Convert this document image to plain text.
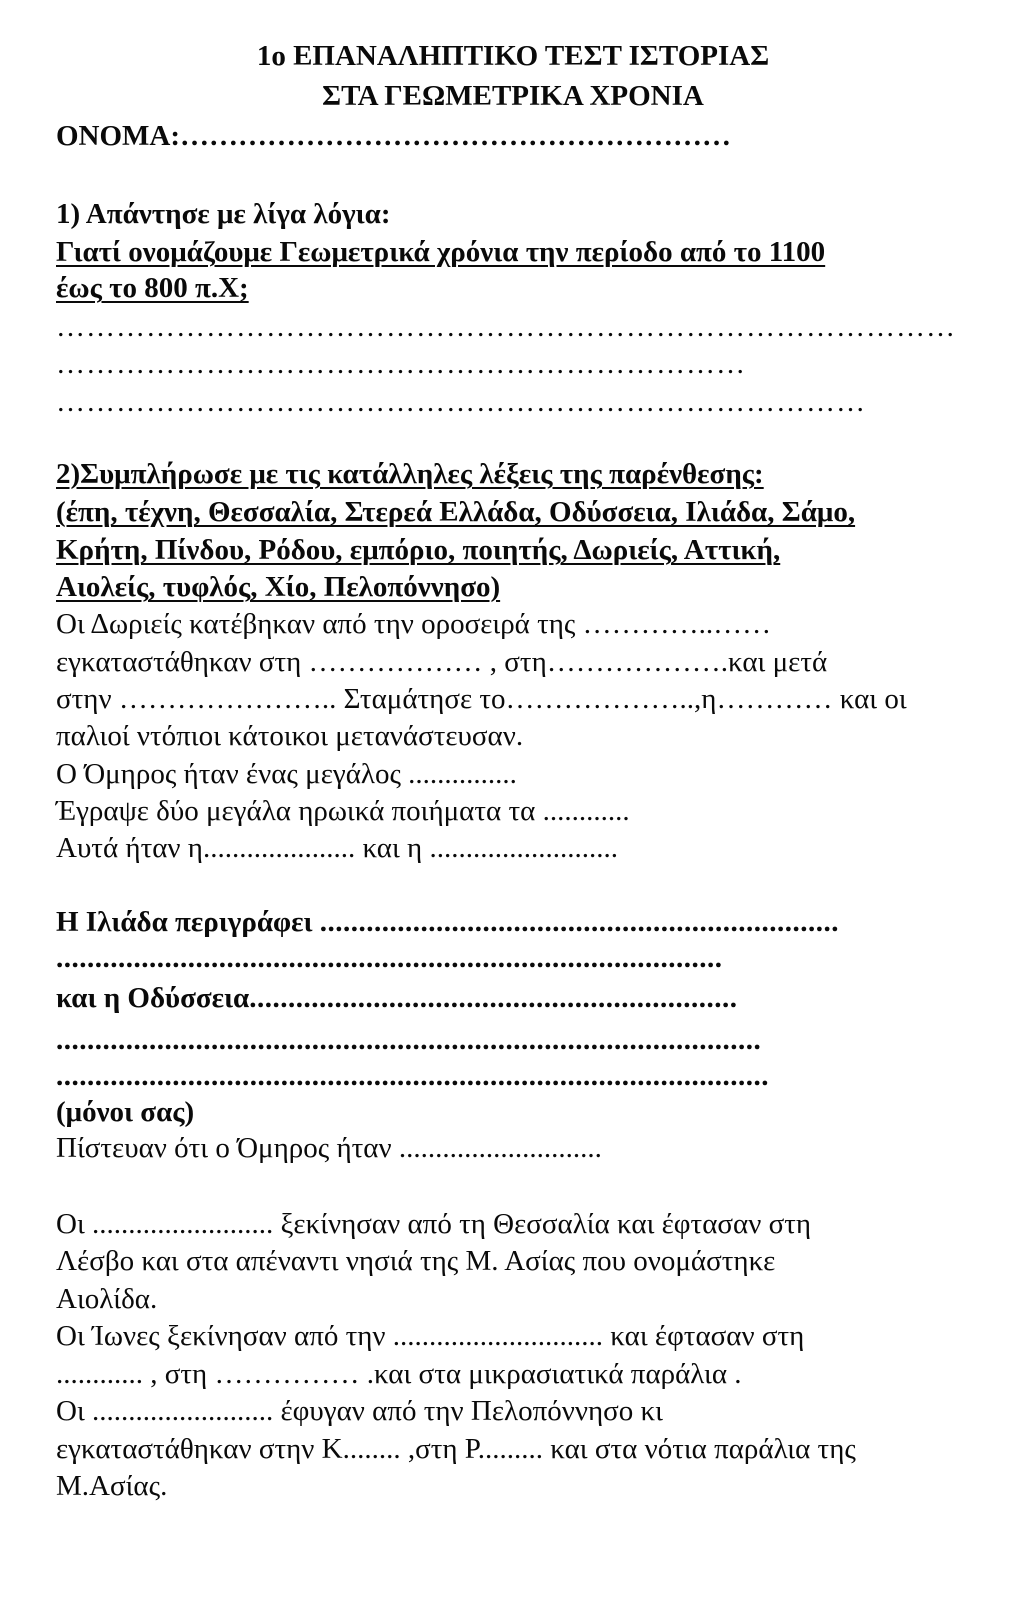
1ο ΕΠΑΝΑΛΗΠΤΙΚΟ ΤΕΣΤ ΙΣΤΟΡΙΑΣ
ΣΤΑ ΓΕΩΜΕΤΡΙΚΑ ΧΡΟΝΙΑ
ΟΝΟΜΑ:…………………………………………………
1) Απάντησε με λίγα λόγια:
Γιατί ονομάζουμε Γεωμετρικά χρόνια την περίοδο από το 1100
έως το 800 π.Χ;
………………………………………………………………………………
……………………………………………………………
………………………………………………………………………
2)Συμπλήρωσε με τις κατάλληλες λέξεις της παρένθεσης:
(έπη, τέχνη, Θεσσαλία, Στερεά Ελλάδα, Οδύσσεια, Ιλιάδα, Σάμο,
Κρήτη, Πίνδου, Ρόδου, εμπόριο, ποιητής, Δωριείς, Αττική,
Αιολείς, τυφλός, Χίο, Πελοπόννησο)
Οι Δωριείς κατέβηκαν από την οροσειρά της …………..……
εγκαταστάθηκαν στη ……………… , στη……………….και μετά
στην ………………….. Σταμάτησε το………………..,η………… και οι
παλιοί ντόπιοι κάτοικοι μετανάστευσαν.
Ο Όμηρος ήταν ένας μεγάλος ...............
Έγραψε δύο μεγάλα ηρωικά ποιήματα τα ............
Αυτά ήταν η..................... και η ..........................
Η Ιλιάδα περιγράφει ...................................................................
......................................................................................
και η Οδύσσεια...............................................................
...........................................................................................
............................................................................................
(μόνοι σας)
Πίστευαν ότι ο Όμηρος ήταν ............................
Οι ......................... ξεκίνησαν από τη Θεσσαλία και έφτασαν στη
Λέσβο και στα απέναντι νησιά της Μ. Ασίας που ονομάστηκε
Αιολίδα.
Οι Ίωνες ξεκίνησαν από την ............................. και έφτασαν στη
............ , στη …………… .και στα μικρασιατικά παράλια .
Οι ......................... έφυγαν από την Πελοπόννησο κι
εγκαταστάθηκαν στην Κ........ ,στη Ρ......... και στα νότια παράλια της
Μ.Ασίας.
